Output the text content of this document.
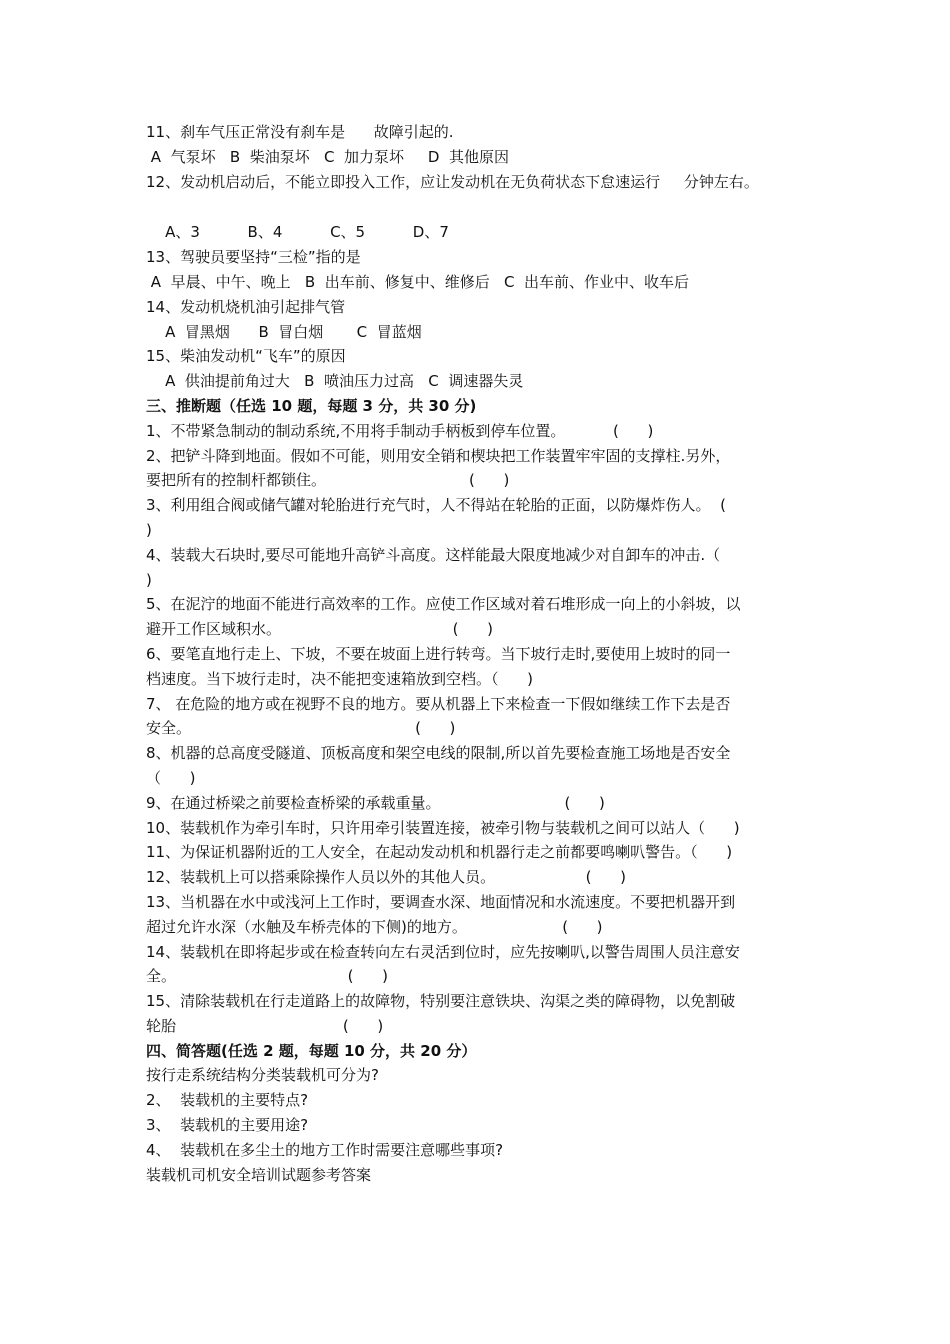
11、刹车气压正常没有刹车是      故障引起的.
A  气泵坏   B  柴油泵坏   C  加力泵坏     D  其他原因
12、发动机启动后，不能立即投入工作，应让发动机在无负荷状态下怠速运行     分钟左右。
A、3          B、4          C、5          D、7
13、驾驶员要坚持“三检”指的是
A  早晨、中午、晚上   B  出车前、修复中、维修后   C  出车前、作业中、收车后
14、发动机烧机油引起排气管
A  冒黑烟      B  冒白烟       C  冒蓝烟
15、柴油发动机“飞车”的原因
A  供油提前角过大   B  喷油压力过高   C  调速器失灵
三、推断题（任选 10 题，每题 3 分，共 30 分)
1、不带紧急制动的制动系统,不用将手制动手柄板到停车位置。          (      )
2、把铲斗降到地面。假如不可能，则用安全销和楔块把工作装置牢牢固的支撑柱.另外，
要把所有的控制杆都锁住。                              (      )
3、利用组合阀或储气罐对轮胎进行充气时，人不得站在轮胎的正面，以防爆炸伤人。  (
)
4、装载大石块时,要尽可能地升高铲斗高度。这样能最大限度地减少对自卸车的冲击.（
)
5、在泥泞的地面不能进行高效率的工作。应使工作区域对着石堆形成一向上的小斜坡，以
避开工作区域积水。                                    (      )
6、要笔直地行走上、下坡，不要在坡面上进行转弯。当下坡行走时,要使用上坡时的同一
档速度。当下坡行走时，决不能把变速箱放到空档。（      )
7、 在危险的地方或在视野不良的地方。要从机器上下来检查一下假如继续工作下去是否
安全。                                               (      )
8、机器的总高度受隧道、顶板高度和架空电线的限制,所以首先要检查施工场地是否安全
（      )
9、在通过桥梁之前要检查桥梁的承载重量。                          (      )
10、装载机作为牵引车时，只许用牵引装置连接，被牵引物与装载机之间可以站人（      )
11、为保证机器附近的工人安全，在起动发动机和机器行走之前都要鸣喇叭警告。（      )
12、装载机上可以搭乘除操作人员以外的其他人员。                   (      )
13、当机器在水中或浅河上工作时，要调查水深、地面情况和水流速度。不要把机器开到
超过允许水深（水触及车桥壳体的下侧)的地方。                    (      )
14、装载机在即将起步或在检查转向左右灵活到位时，应先按喇叭,以警告周围人员注意安
全。                                    (      )
15、清除装载机在行走道路上的故障物，特别要注意铁块、沟渠之类的障碍物，以免割破
轮胎                                   (      )
四、简答题(任选 2 题，每题 10 分，共 20 分）
按行走系统结构分类装载机可分为?
2、  装载机的主要特点?
3、  装载机的主要用途?
4、  装载机在多尘土的地方工作时需要注意哪些事项?
装载机司机安全培训试题参考答案
